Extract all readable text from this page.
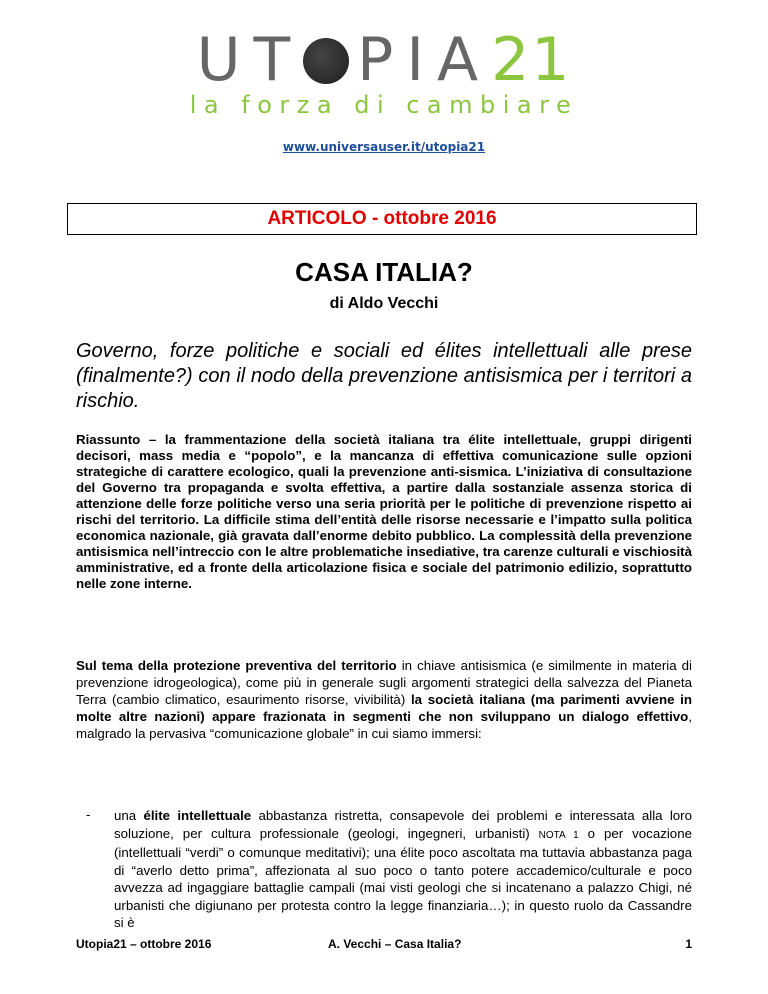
UT PIA21
la forza di cambiare
www.universauser.it/utopia21
ARTICOLO - ottobre 2016
CASA ITALIA?
di Aldo Vecchi
Governo, forze politiche e sociali ed élites intellettuali alle prese (finalmente?) con il nodo della prevenzione antisismica per i territori a rischio.
Riassunto – la frammentazione della società italiana tra élite intellettuale, gruppi dirigenti decisori, mass media e “popolo”, e la mancanza di effettiva comunicazione sulle opzioni strategiche di carattere ecologico, quali la prevenzione anti-sismica. L’iniziativa di consultazione del Governo tra propaganda e svolta effettiva, a partire dalla sostanziale assenza storica di attenzione delle forze politiche verso una seria priorità per le politiche di prevenzione rispetto ai rischi del territorio. La difficile stima dell’entità delle risorse necessarie e l’impatto sulla politica economica nazionale, già gravata dall’enorme debito pubblico. La complessità della prevenzione antisismica nell’intreccio con le altre problematiche insediative, tra carenze culturali e vischiosità amministrative, ed a fronte della articolazione fisica e sociale del patrimonio edilizio, soprattutto nelle zone interne.
Sul tema della protezione preventiva del territorio in chiave antisismica (e similmente in materia di prevenzione idrogeologica), come più in generale sugli argomenti strategici della salvezza del Pianeta Terra (cambio climatico, esaurimento risorse, vivibilità) la società italiana (ma parimenti avviene in molte altre nazioni) appare frazionata in segmenti che non sviluppano un dialogo effettivo, malgrado la pervasiva “comunicazione globale” in cui siamo immersi:
- una élite intellettuale abbastanza ristretta, consapevole dei problemi e interessata alla loro soluzione, per cultura professionale (geologi, ingegneri, urbanisti) NOTA 1 o per vocazione (intellettuali “verdi” o comunque meditativi); una élite poco ascoltata ma tuttavia abbastanza paga di “averlo detto prima”, affezionata al suo poco o tanto potere accademico/culturale e poco avvezza ad ingaggiare battaglie campali (mai visti geologi che si incatenano a palazzo Chigi, né urbanisti che digiunano per protesta contro la legge finanziaria…); in questo ruolo da Cassandre si è
Utopia21 – ottobre 2016	A. Vecchi – Casa Italia?	1
